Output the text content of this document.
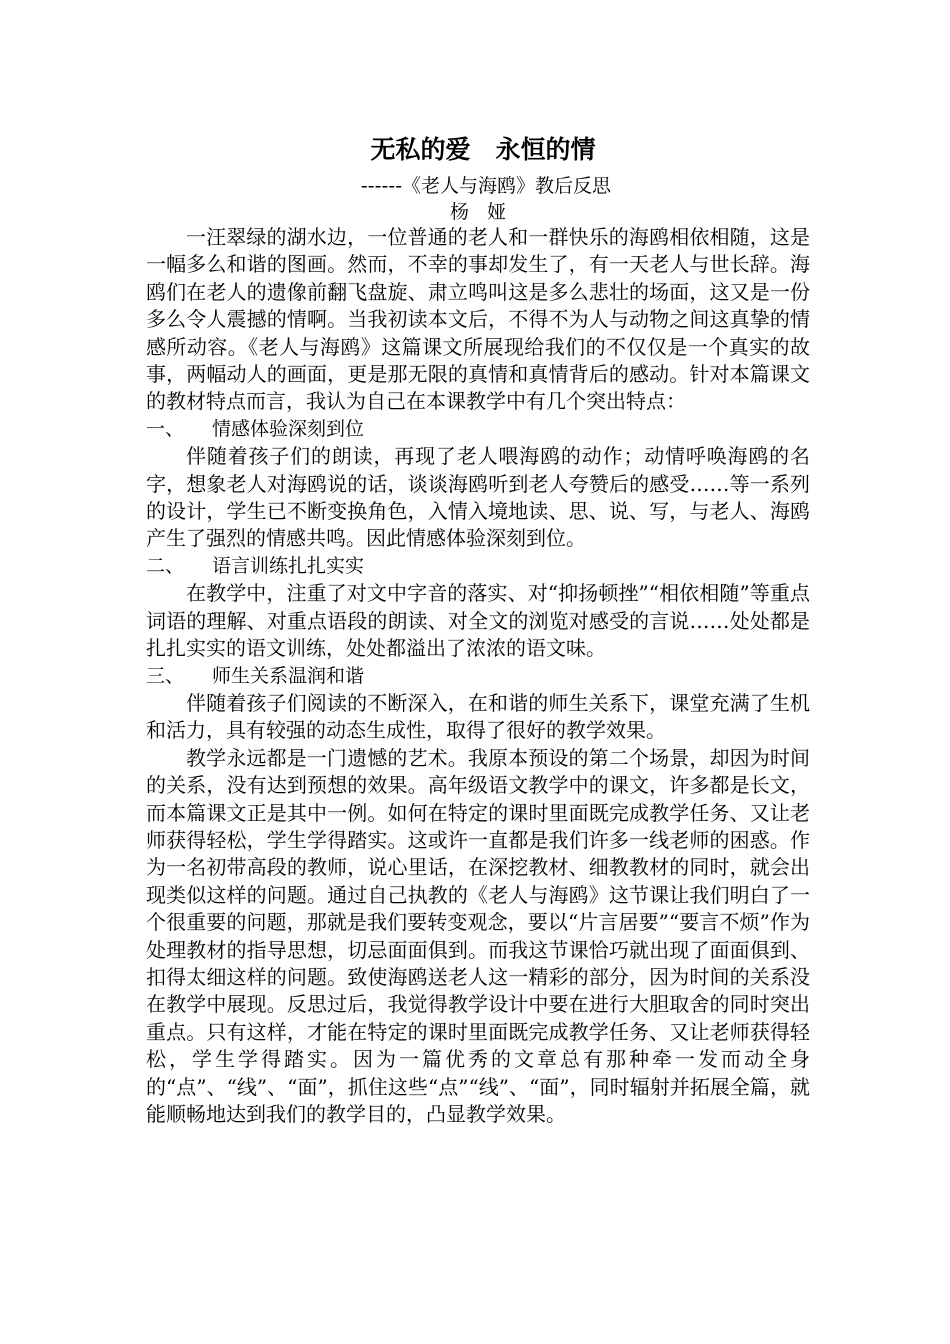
无私的爱　永恒的情

------《老人与海鸥》教后反思

杨 娅

一汪翠绿的湖水边，一位普通的老人和一群快乐的海鸥相依相随，这是一幅多么和谐的图画。然而，不幸的事却发生了，有一天老人与世长辞。海鸥们在老人的遗像前翻飞盘旋、肃立鸣叫这是多么悲壮的场面，这又是一份多么令人震撼的情啊。当我初读本文后，不得不为人与动物之间这真挚的情感所动容。《老人与海鸥》这篇课文所展现给我们的不仅仅是一个真实的故事，两幅动人的画面，更是那无限的真情和真情背后的感动。针对本篇课文的教材特点而言，我认为自己在本课教学中有几个突出特点：

一、	情感体验深刻到位

伴随着孩子们的朗读，再现了老人喂海鸥的动作；动情呼唤海鸥的名字，想象老人对海鸥说的话，谈谈海鸥听到老人夸赞后的感受……等一系列的设计，学生已不断变换角色，入情入境地读、思、说、写，与老人、海鸥产生了强烈的情感共鸣。因此情感体验深刻到位。

二、	语言训练扎扎实实

在教学中，注重了对文中字音的落实、对“抑扬顿挫”“相依相随”等重点词语的理解、对重点语段的朗读、对全文的浏览对感受的言说……处处都是扎扎实实的语文训练，处处都溢出了浓浓的语文味。

三、	师生关系温润和谐

伴随着孩子们阅读的不断深入，在和谐的师生关系下，课堂充满了生机和活力，具有较强的动态生成性，取得了很好的教学效果。

教学永远都是一门遗憾的艺术。我原本预设的第二个场景，却因为时间的关系，没有达到预想的效果。高年级语文教学中的课文，许多都是长文，而本篇课文正是其中一例。如何在特定的课时里面既完成教学任务、又让老师获得轻松，学生学得踏实。这或许一直都是我们许多一线老师的困惑。作为一名初带高段的教师，说心里话，在深挖教材、细教教材的同时，就会出现类似这样的问题。通过自己执教的《老人与海鸥》这节课让我们明白了一个很重要的问题，那就是我们要转变观念，要以“片言居要”“要言不烦”作为处理教材的指导思想，切忌面面俱到。而我这节课恰巧就出现了面面俱到、扣得太细这样的问题。致使海鸥送老人这一精彩的部分，因为时间的关系没在教学中展现。反思过后，我觉得教学设计中要在进行大胆取舍的同时突出重点。只有这样，才能在特定的课时里面既完成教学任务、又让老师获得轻松，学生学得踏实。因为一篇优秀的文章总有那种牵一发而动全身的“点”、“线”、“面”，抓住这些“点”“线”、“面”，同时辐射并拓展全篇，就能顺畅地达到我们的教学目的，凸显教学效果。
